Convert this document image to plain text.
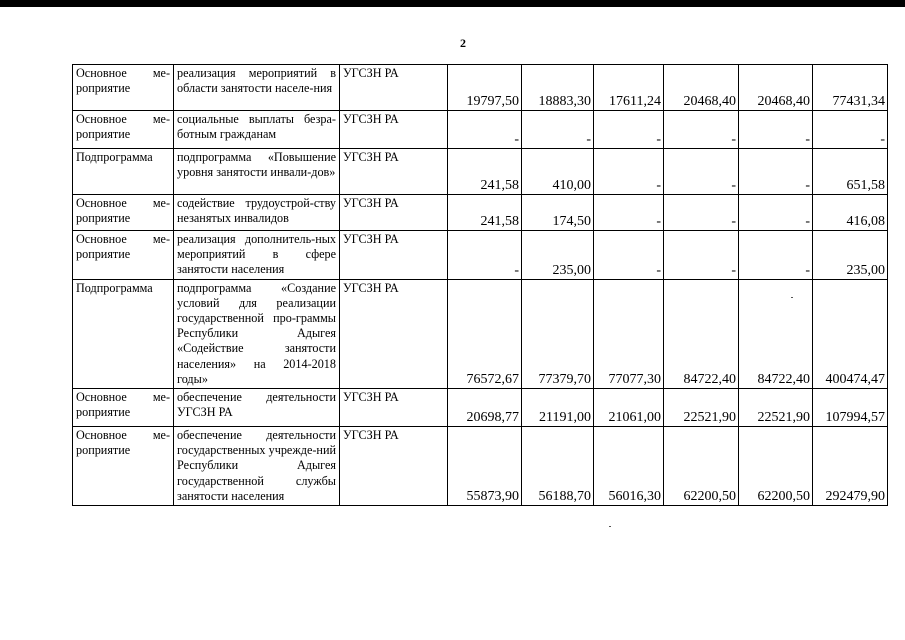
2
Основное ме-роприятие	реализация мероприятий в области занятости населе-ния	УГСЗН РА	19797,50	18883,30	17611,24	20468,40	20468,40	77431,34
Основное ме-роприятие	социальные выплаты безра-ботным гражданам	УГСЗН РА	-	-	-	-	-	-
Подпрограмма	подпрограмма «Повышение уровня занятости инвали-дов»	УГСЗН РА	241,58	410,00	-	-	-	651,58
Основное ме-роприятие	содействие трудоустрой-ству незанятых инвалидов	УГСЗН РА	241,58	174,50	-	-	-	416,08
Основное ме-роприятие	реализация дополнитель-ных мероприятий в сфере занятости населения	УГСЗН РА	-	235,00	-	-	-	235,00
Подпрограмма	подпрограмма «Создание условий для реализации государственной про-граммы Республики Адыгея «Содействие занятости населения» на 2014-2018 годы»	УГСЗН РА	76572,67	77379,70	77077,30	84722,40	84722,40	400474,47
Основное ме-роприятие	обеспечение деятельности УГСЗН РА	УГСЗН РА	20698,77	21191,00	21061,00	22521,90	22521,90	107994,57
Основное ме-роприятие	обеспечение деятельности государственных учрежде-ний Республики Адыгея государственной службы занятости населения	УГСЗН РА	55873,90	56188,70	56016,30	62200,50	62200,50	292479,90
